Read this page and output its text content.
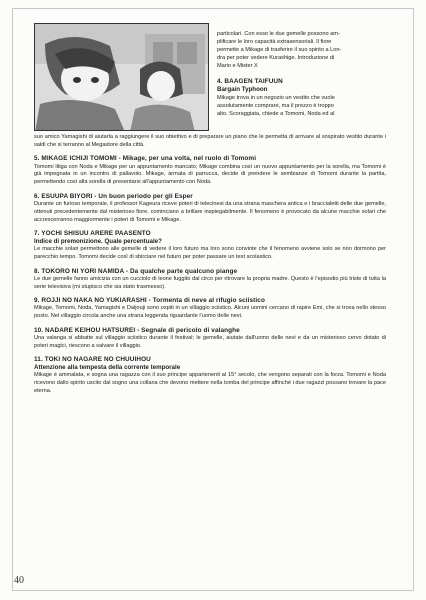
particolari. Con esso le due gemelle possono am-

plificare le loro capacità extrasensoriali. Il fiore

permette a Mikage di trasferire il suo spirito a Lon-

dra per poter vedere Kurashige. Introduzione di

Mario e Mister X

4. BAAGEN TAIFUUN

Bargain Typhoon

Mikage trova in un negozio un vestito che vuole

assolutamente comprare, ma il prezzo è troppo

alto. Scoraggiata, chiede a Tomomi, Noda ed al

suo amico Yamagishi di aiutarla a raggiungere il suo obiettivo e di preparare un piano che le permetta di arrivare al sospirato vestito durante i saldi che si terranno al Megastore della città.

5. MIKAGE ICHIJI TOMOMI - Mikage, per una volta, nel ruolo di Tomomi

Tomomi litiga con Noda e Mikage per un appuntamento mancato; Mikage combina così un nuovo appuntamento per la sorella, ma Tomomi è già impegnata in un incontro di pallavolo. Mikage, armata di parrucca, decide di prendere le sembianze di Tomomi durante la partita, permettendo così alla sorella di presentarsi all'appuntamento con Noda.

6. ESUUPA BIYORI - Un buon periodo per gli Esper

Durante un furioso temporale, il professor Kageura riceve poteri di telecinesi da una strana maschera antica e i braccialetti delle due gemelle, ottenuti precedentemente dal misterioso fiore, cominciano a brillare inspiegabilmente. Il fenomeno è provocato da alcune macchie solari che accrescerranno maggiormente i poteri di Tomomi e Mikage.

7. YOCHI SHISUU ARERE PAASENTO

Indice di premonizione. Quale percentuale?

Le macchie solari permettono alle gemelle di vedere il loro futuro ma loro sono convinte che il fenomeno avviene solo se non dormono per parecchio tempo. Tomomi decide così di sbirciare nel futuro per poter passare un test scolastico.

8. TOKORO NI YORI NAMIDA - Da qualche parte qualcuno piange

Le due gemelle fanno amicizia con un cucciolo di leone fuggito dal circo per ritrovare la propria madre. Questo è l'episodio più triste di tutta la serie televisiva (mi stupisco che sia stato trasmesso).

9. ROJJI NO NAKA NO YUKIARASHI - Tormenta di neve al rifugio sciistico

Mikage, Tomomi, Noda, Yamagishi e Daijouji sono ospiti in un villaggio sciistico. Alcuni uomini cercano di rapire Emi, che si trova nello stesso posto. Nel villaggio circola anche una strana leggenda riguardante l'uomo delle nevi.

10. NADARE KEIHOU HATSUREI - Segnale di pericolo di valanghe

Una valanga si abbatte sul villaggio sciistico durante il festival; le gemelle, aiutate dall'uomo delle nevi e da un misterioso cervo dotato di poteri magici, riescono a salvare il villaggio.

11. TOKI NO NAGARE NO CHUUIHOU

Attenzione alla tempesta della corrente temporale

Mikage è ammalata, e sogna una ragazza con il suo principe appartenenti al 15° secolo, che vengono separati con la forza. Tomomi e Noda ricevono dallo spirito uscito dal sogno una collana che devono mettere nella tomba del principe affinché i due ragazzi possano trovare la pace eterna.

40
